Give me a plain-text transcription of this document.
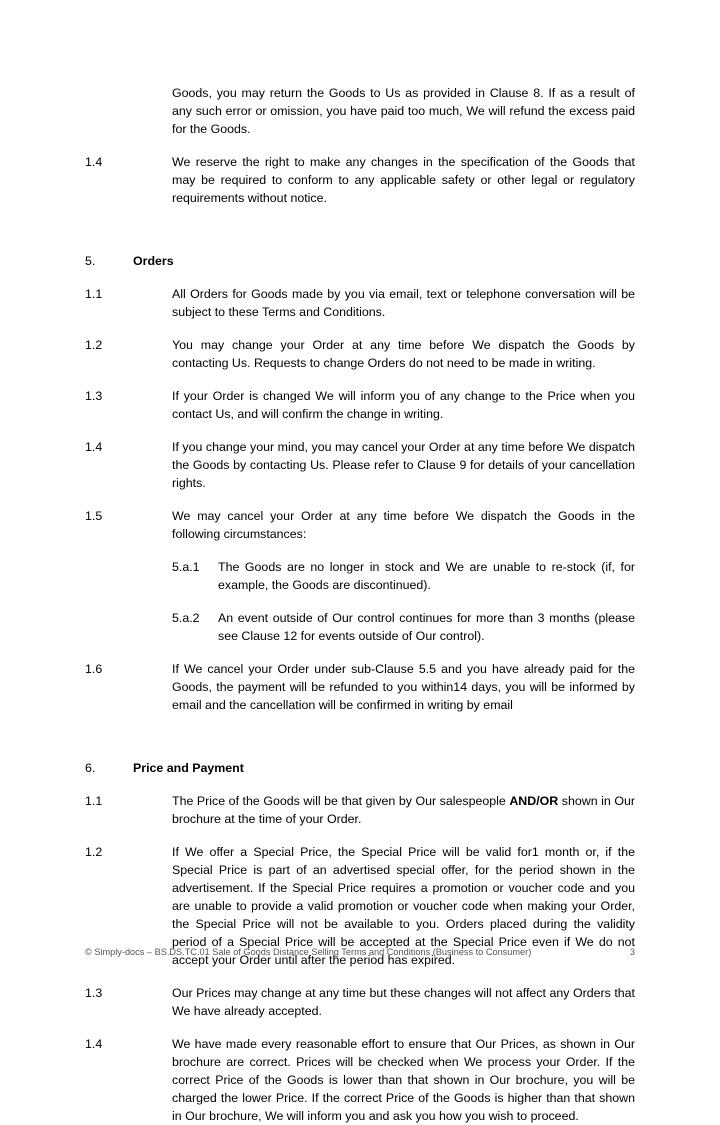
Goods, you may return the Goods to Us as provided in Clause 8. If as a result of any such error or omission, you have paid too much, We will refund the excess paid for the Goods.

1.4	We reserve the right to make any changes in the specification of the Goods that may be required to conform to any applicable safety or other legal or regulatory requirements without notice.
5.	Orders
1.1	All Orders for Goods made by you via email, text or telephone conversation will be subject to these Terms and Conditions.
1.2	You may change your Order at any time before We dispatch the Goods by contacting Us. Requests to change Orders do not need to be made in writing.
1.3	If your Order is changed We will inform you of any change to the Price when you contact Us, and will confirm the change in writing.
1.4	If you change your mind, you may cancel your Order at any time before We dispatch the Goods by contacting Us. Please refer to Clause 9 for details of your cancellation rights.
1.5	We may cancel your Order at any time before We dispatch the Goods in the following circumstances:
5.a.1	The Goods are no longer in stock and We are unable to re-stock (if, for example, the Goods are discontinued).
5.a.2	An event outside of Our control continues for more than 3 months (please see Clause 12 for events outside of Our control).
1.6	If We cancel your Order under sub-Clause 5.5 and you have already paid for the Goods, the payment will be refunded to you within14 days, you will be informed by email and the cancellation will be confirmed in writing by email
6.	Price and Payment
1.1	The Price of the Goods will be that given by Our salespeople AND/OR shown in Our brochure at the time of your Order.
1.2	If We offer a Special Price, the Special Price will be valid for1 month or, if the Special Price is part of an advertised special offer, for the period shown in the advertisement. If the Special Price requires a promotion or voucher code and you are unable to provide a valid promotion or voucher code when making your Order, the Special Price will not be available to you. Orders placed during the validity period of a Special Price will be accepted at the Special Price even if We do not accept your Order until after the period has expired.
1.3	Our Prices may change at any time but these changes will not affect any Orders that We have already accepted.
1.4	We have made every reasonable effort to ensure that Our Prices, as shown in Our brochure are correct. Prices will be checked when We process your Order. If the correct Price of the Goods is lower than that shown in Our brochure, you will be charged the lower Price. If the correct Price of the Goods is higher than that shown in Our brochure, We will inform you and ask you how you wish to proceed.
© Simply-docs – BS.DS.TC.01 Sale of Goods Distance Selling Terms and Conditions (Business to Consumer)	3
